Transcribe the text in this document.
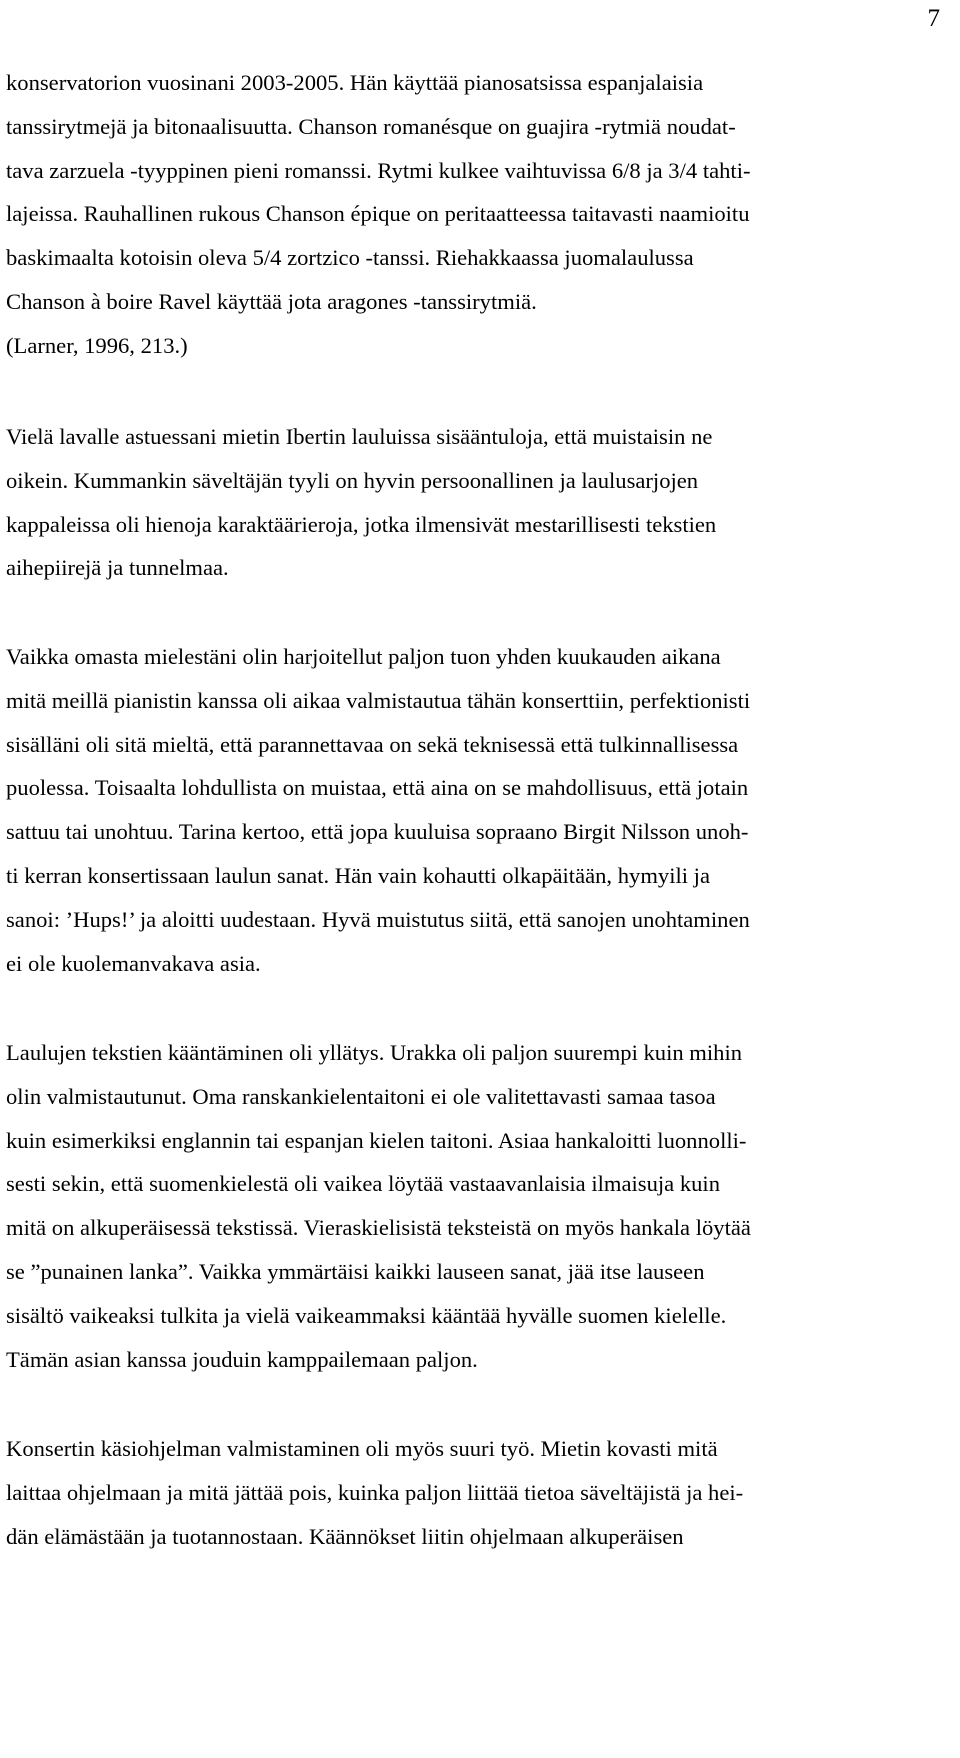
7
konservatorion vuosinani 2003-2005. Hän käyttää pianosatsissa espanjalaisia
tanssirytmejä ja bitonaalisuutta. Chanson romanésque on guajira -rytmiä noudat-
tava zarzuela -tyyppinen pieni romanssi. Rytmi kulkee vaihtuvissa 6/8 ja 3/4 tahti-
lajeissa. Rauhallinen rukous Chanson épique on peritaatteessa taitavasti naamioitu
baskimaalta kotoisin oleva 5/4 zortzico -tanssi. Riehakkaassa juomalaulussa
Chanson à boire Ravel käyttää jota aragones -tanssirytmiä.
(Larner, 1996, 213.)
Vielä lavalle astuessani mietin Ibertin lauluissa sisääntuloja, että muistaisin ne
oikein. Kummankin säveltäjän tyyli on hyvin persoonallinen ja laulusarjojen
kappaleissa oli hienoja karaktäärieroja, jotka ilmensivät mestarillisesti tekstien
aihepiirejä ja tunnelmaa.
Vaikka omasta mielestäni olin harjoitellut paljon tuon yhden kuukauden aikana
mitä meillä pianistin kanssa oli aikaa valmistautua tähän konserttiin, perfektionisti
sisälläni oli sitä mieltä, että parannettavaa on sekä teknisessä että tulkinnallisessa
puolessa. Toisaalta lohdullista on muistaa, että aina on se mahdollisuus, että jotain
sattuu tai unohtuu. Tarina kertoo, että jopa kuuluisa sopraano Birgit Nilsson unoh-
ti kerran konsertissaan laulun sanat. Hän vain kohautti olkapäitään, hymyili ja
sanoi: ’Hups!’ ja aloitti uudestaan. Hyvä muistutus siitä, että sanojen unohtaminen
ei ole kuolemanvakava asia.
Laulujen tekstien kääntäminen oli yllätys. Urakka oli paljon suurempi kuin mihin
olin valmistautunut. Oma ranskankielentaitoni ei ole valitettavasti samaa tasoa
kuin esimerkiksi englannin tai espanjan kielen taitoni. Asiaa hankaloitti luonnolli-
sesti sekin, että suomenkielestä oli vaikea löytää vastaavanlaisia ilmaisuja kuin
mitä on alkuperäisessä tekstissä. Vieraskielisistä teksteistä on myös hankala löytää
se ”punainen lanka”. Vaikka ymmärtäisi kaikki lauseen sanat, jää itse lauseen
sisältö vaikeaksi tulkita ja vielä vaikeammaksi kääntää hyvälle suomen kielelle.
Tämän asian kanssa jouduin kamppailemaan paljon.
Konsertin käsiohjelman valmistaminen oli myös suuri työ. Mietin kovasti mitä
laittaa ohjelmaan ja mitä jättää pois, kuinka paljon liittää tietoa säveltäjistä ja hei-
dän elämästään ja tuotannostaan. Käännökset liitin ohjelmaan alkuperäisen
